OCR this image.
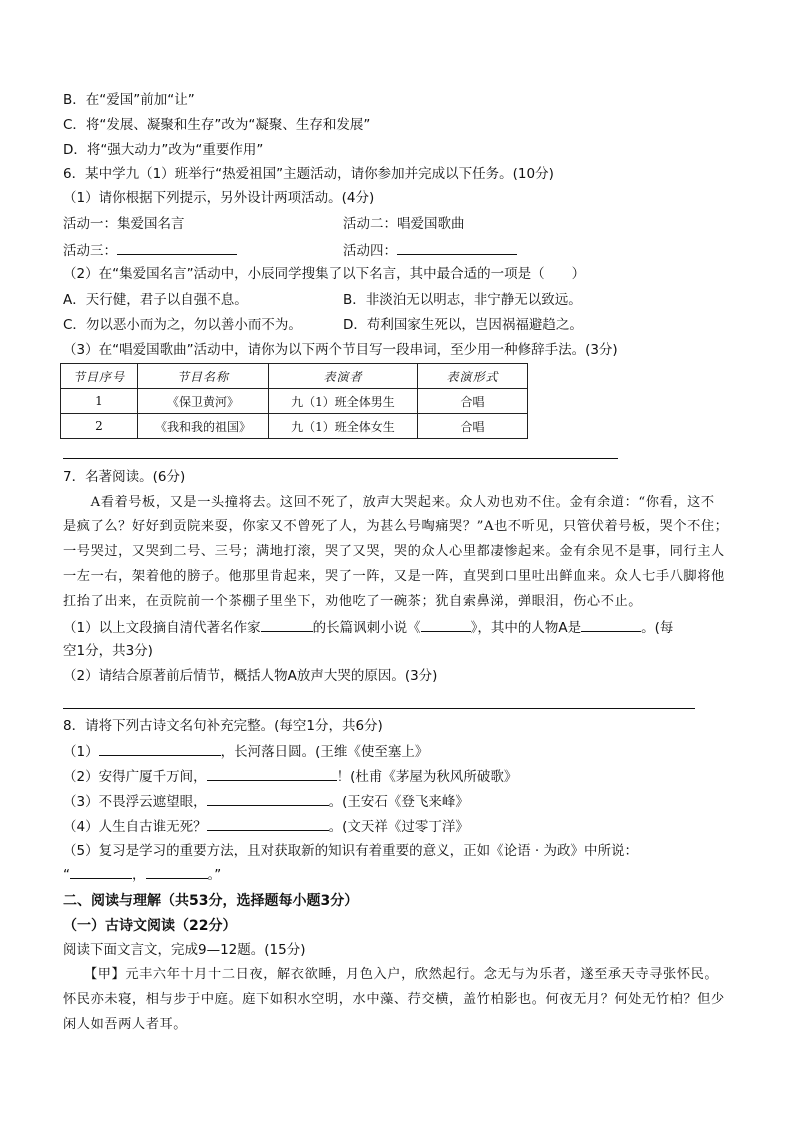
B．在“爱国”前加“让”
C．将“发展、凝聚和生存”改为“凝聚、生存和发展”
D．将“强大动力”改为“重要作用”
6．某中学九（1）班举行“热爱祖国”主题活动，请你参加并完成以下任务。(10分)
（1）请你根据下列提示，另外设计两项活动。(4分)
活动一：集爱国名言	活动二：唱爱国歌曲
活动三：	活动四：
（2）在“集爱国名言”活动中，小辰同学搜集了以下名言，其中最合适的一项是（　　）
A．天行健，君子以自强不息。	B．非淡泊无以明志，非宁静无以致远。
C．勿以恶小而为之，勿以善小而不为。	D．苟利国家生死以，岂因祸福避趋之。
（3）在“唱爱国歌曲”活动中，请你为以下两个节目写一段串词，至少用一种修辞手法。(3分)
节目序号	节目名称	表演者	表演形式
1	《保卫黄河》	九（1）班全体男生	合唱
2	《我和我的祖国》	九（1）班全体女生	合唱
7．名著阅读。(6分)
　　A看着号板，又是一头撞将去。这回不死了，放声大哭起来。众人劝也劝不住。金有余道：“你看，这不
是疯了么？好好到贡院来耍，你家又不曾死了人，为甚么号啕痛哭？”A也不听见，只管伏着号板，哭个不住；
一号哭过，又哭到二号、三号；满地打滚，哭了又哭，哭的众人心里都凄惨起来。金有余见不是事，同行主人
一左一右，架着他的膀子。他那里肯起来，哭了一阵，又是一阵，直哭到口里吐出鲜血来。众人七手八脚将他
扛抬了出来，在贡院前一个茶棚子里坐下，劝他吃了一碗茶；犹自索鼻涕，弹眼泪，伤心不止。
（1）以上文段摘自清代著名作家	的长篇讽刺小说《	》，其中的人物A是	。(每
空1分，共3分)
（2）请结合原著前后情节，概括人物A放声大哭的原因。(3分)
8．请将下列古诗文名句补充完整。(每空1分，共6分)
（1）	，长河落日圆。(王维《使至塞上》
（2）安得广厦千万间，	！(杜甫《茅屋为秋风所破歌》
（3）不畏浮云遮望眼，	。(王安石《登飞来峰》
（4）人生自古谁无死？	。(文天祥《过零丁洋》
（5）复习是学习的重要方法，且对获取新的知识有着重要的意义，正如《论语 · 为政》中所说：
“	，	。”
二、阅读与理解（共53分，选择题每小题3分）
（一）古诗文阅读（22分）
阅读下面文言文，完成9—12题。(15分)
　　【甲】元丰六年十月十二日夜，解衣欲睡，月色入户，欣然起行。念无与为乐者，遂至承天寺寻张怀民。
怀民亦未寝，相与步于中庭。庭下如积水空明，水中藻、荇交横，盖竹柏影也。何夜无月？何处无竹柏？但少
闲人如吾两人者耳。
